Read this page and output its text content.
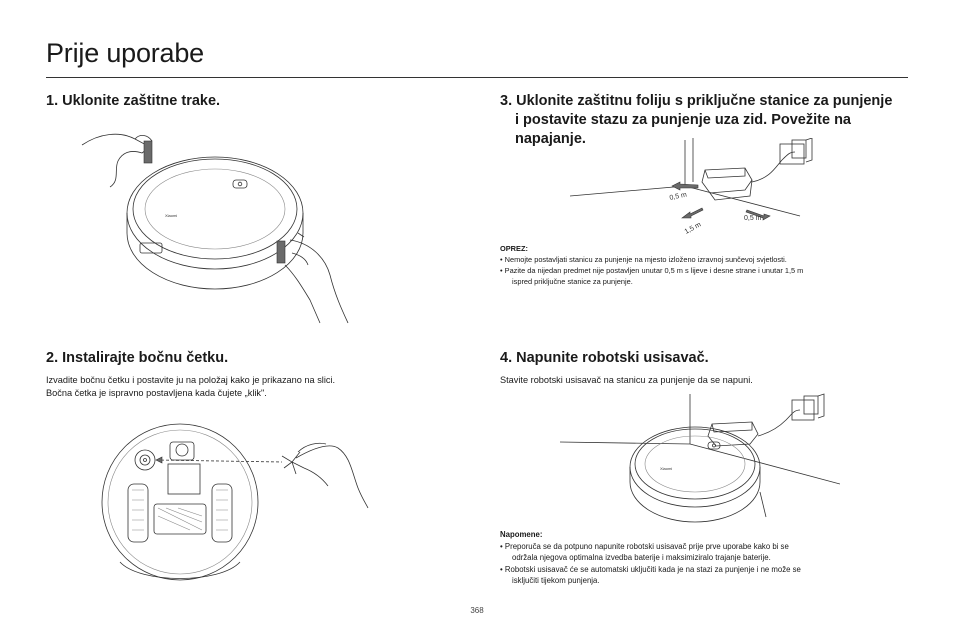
Prije uporabe
1. Uklonite zaštitne trake.
Xiaomi
3. Uklonite zaštitnu foliju s priključne stanice za punjenje
i postavite stazu za punjenje uza zid. Povežite na
napajanje.
0,5 m
0,5 m
1,5 m
OPREZ:
• Nemojte postavljati stanicu za punjenje na mjesto izloženo izravnoj sunčevoj svjetlosti.
• Pazite da nijedan predmet nije postavljen unutar 0,5 m s lijeve i desne strane i unutar 1,5 m
ispred priključne stanice za punjenje.
2. Instalirajte bočnu četku.

Izvadite bočnu četku i postavite ju na položaj kako je prikazano na slici.
Bočna četka je ispravno postavljena kada čujete „klik".

4. Napunite robotski usisavač.

Stavite robotski usisavač na stanicu za punjenje da se napuni.

Xiaomi
Napomene:
• Preporuča se da potpuno napunite robotski usisavač prije prve uporabe kako bi se
održala njegova optimalna izvedba baterije i maksimiziralo trajanje baterije.
• Robotski usisavač će se automatski uključiti kada je na stazi za punjenje i ne može se
isključiti tijekom punjenja.
368
